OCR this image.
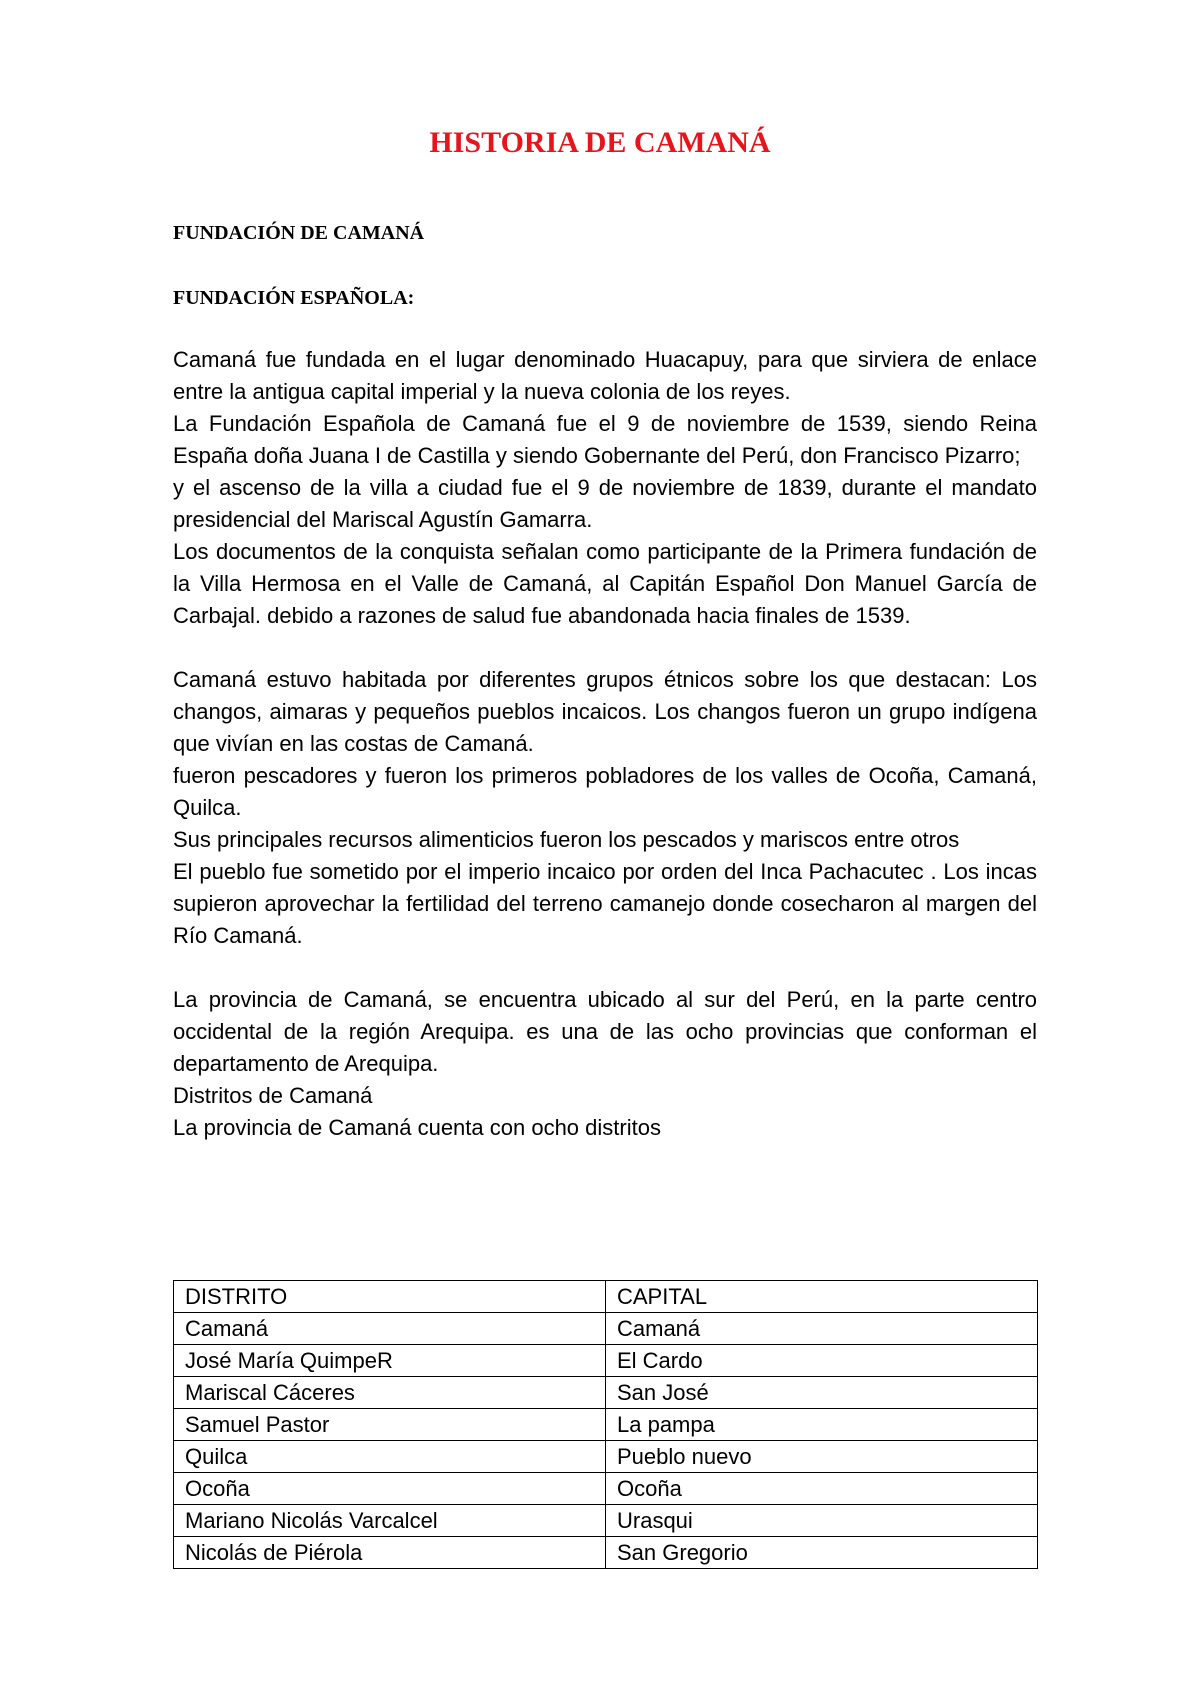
HISTORIA DE CAMANÁ
FUNDACIÓN DE CAMANÁ
FUNDACIÓN ESPAÑOLA:

Camaná fue fundada en el lugar denominado Huacapuy, para que sirviera de enlace entre la antigua capital imperial y la nueva colonia de los reyes.

La Fundación Española de Camaná fue el 9 de noviembre de 1539, siendo Reina España doña Juana I de Castilla y siendo Gobernante del Perú, don Francisco Pizarro;

y el ascenso de la villa a ciudad fue el 9 de noviembre de 1839, durante el mandato presidencial del Mariscal Agustín Gamarra.

Los documentos de la conquista señalan como participante de la Primera fundación de la Villa Hermosa en el Valle de Camaná, al Capitán Español Don Manuel García de Carbajal. debido a razones de salud fue abandonada hacia finales de 1539.

Camaná estuvo habitada por diferentes grupos étnicos sobre los que destacan: Los changos, aimaras y pequeños pueblos incaicos. Los changos fueron un grupo indígena que vivían en las costas de Camaná.

fueron pescadores y fueron los primeros pobladores de los valles de Ocoña, Camaná, Quilca.

Sus principales recursos alimenticios fueron los pescados y mariscos entre otros

El pueblo fue sometido por el imperio incaico por orden del Inca Pachacutec . Los incas supieron aprovechar la fertilidad del terreno camanejo donde cosecharon al margen del Río Camaná.

La provincia de Camaná, se encuentra ubicado al sur del Perú, en la parte centro occidental de la región Arequipa. es una de las ocho provincias que conforman el departamento de Arequipa.

Distritos de Camaná

La provincia de Camaná cuenta con ocho distritos

DISTRITO	CAPITAL
Camaná	Camaná
José María QuimpeR	El Cardo
Mariscal Cáceres	San José
Samuel Pastor	La pampa
Quilca	Pueblo nuevo
Ocoña	Ocoña
Mariano Nicolás Varcalcel	Urasqui
Nicolás de Piérola	San Gregorio
